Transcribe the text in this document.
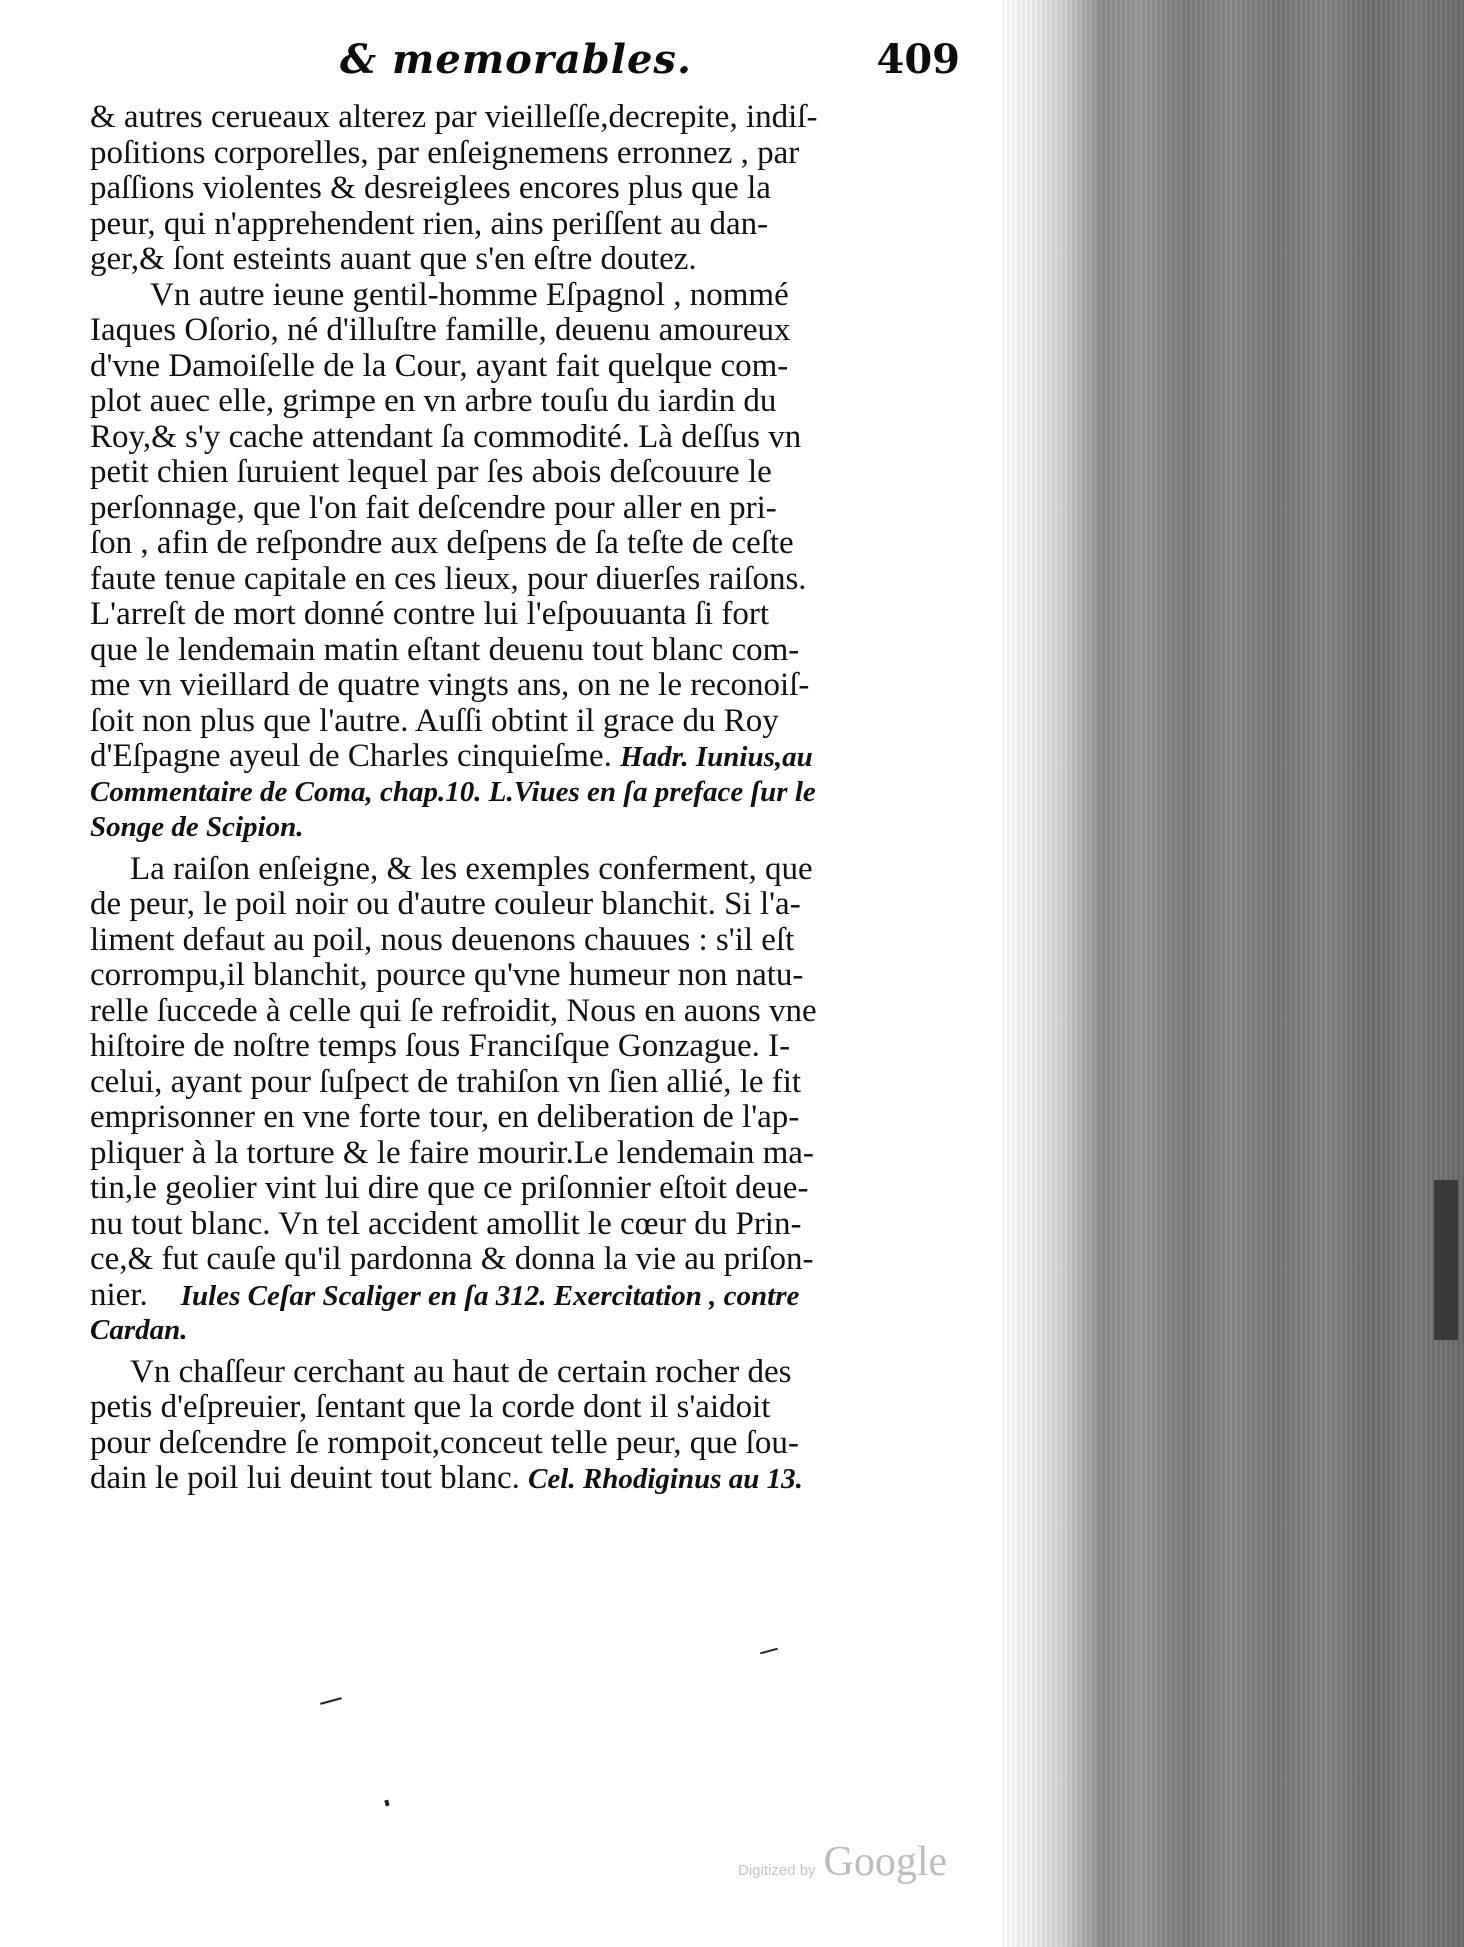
& memorables.	409
& autres cerueaux alterez par vieilleſſe,decrepite, indiſ-
poſitions corporelles, par enſeignemens erronnez , par
paſſions violentes & desreiglees encores plus que la
peur, qui n'apprehendent rien, ains periſſent au dan-
ger,& ſont esteints auant que s'en eſtre doutez.
Vn autre ieune gentil-homme Eſpagnol , nommé
Iaques Oſorio, né d'illuſtre famille, deuenu amoureux
d'vne Damoiſelle de la Cour, ayant fait quelque com-
plot auec elle, grimpe en vn arbre touſu du iardin du
Roy,& s'y cache attendant ſa commodité. Là deſſus vn
petit chien ſuruient lequel par ſes abois deſcouure le
perſonnage, que l'on fait deſcendre pour aller en pri-
ſon , afin de reſpondre aux deſpens de ſa teſte de ceſte
faute tenue capitale en ces lieux, pour diuerſes raiſons.
L'arreſt de mort donné contre lui l'eſpouuanta ſi fort
que le lendemain matin eſtant deuenu tout blanc com-
me vn vieillard de quatre vingts ans, on ne le reconoiſ-
ſoit non plus que l'autre. Auſſi obtint il grace du Roy
d'Eſpagne ayeul de Charles cinquieſme. Hadr. Iunius,au
Commentaire de Coma, chap.10. L.Viues en ſa preface ſur le
Songe de Scipion.
La raiſon enſeigne, & les exemples conferment, que
de peur, le poil noir ou d'autre couleur blanchit. Si l'a-
liment defaut au poil, nous deuenons chauues : s'il eſt
corrompu,il blanchit, pource qu'vne humeur non natu-
relle ſuccede à celle qui ſe refroidit, Nous en auons vne
hiſtoire de noſtre temps ſous Franciſque Gonzague. I-
celui, ayant pour ſuſpect de trahiſon vn ſien allié, le fit
emprisonner en vne forte tour, en deliberation de l'ap-
pliquer à la torture & le faire mourir.Le lendemain ma-
tin,le geolier vint lui dire que ce priſonnier eſtoit deue-
nu tout blanc. Vn tel accident amollit le cœur du Prin-
ce,& fut cauſe qu'il pardonna & donna la vie au priſon-
nier. Iules Ceſar Scaliger en ſa 312. Exercitation , contre
Cardan.
Vn chaſſeur cerchant au haut de certain rocher des
petis d'eſpreuier, ſentant que la corde dont il s'aidoit
pour deſcendre ſe rompoit,conceut telle peur, que ſou-
dain le poil lui deuint tout blanc. Cel. Rhodiginus au 13.
Digitized by Google
